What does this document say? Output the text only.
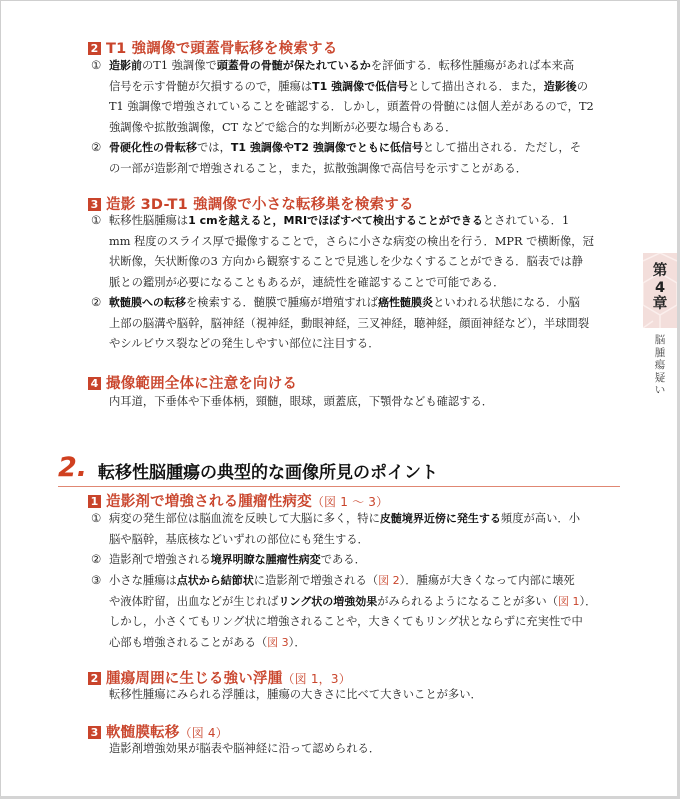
第
4
章
脳
腫
瘍
疑
い
2 T1 強調像で頭蓋骨転移を検索する
① 造影前のT1 強調像で頭蓋骨の骨髄が保たれているかを評価する．転移性腫瘍があれば本来高
信号を示す骨髄が欠損するので，腫瘍はT1 強調像で低信号として描出される．また，造影後の
T1 強調像で増強されていることを確認する．しかし，頭蓋骨の骨髄には個人差があるので，T2
強調像や拡散強調像，CT などで総合的な判断が必要な場合もある．
② 骨硬化性の骨転移では，T1 強調像やT2 強調像でともに低信号として描出される．ただし，そ
の一部が造影剤で増強されること，また，拡散強調像で高信号を示すことがある．
3 造影 3D-T1 強調像で小さな転移巣を検索する
① 転移性脳腫瘍は1 cmを越えると，MRIでほぼすべて検出することができるとされている．1
mm 程度のスライス厚で撮像することで，さらに小さな病変の検出を行う．MPR で横断像，冠
状断像，矢状断像の3 方向から観察することで見逃しを少なくすることができる．脳表では静
脈との鑑別が必要になることもあるが，連続性を確認することで可能である．
② 軟髄膜への転移を検索する．髄膜で腫瘍が増殖すれば癌性髄膜炎といわれる状態になる．小脳
上部の脳溝や脳幹，脳神経（視神経，動眼神経，三叉神経，聴神経，顔面神経など），半球間裂
やシルビウス裂などの発生しやすい部位に注目する．
4 撮像範囲全体に注意を向ける
内耳道，下垂体や下垂体柄，頸髄，眼球，頭蓋底，下顎骨なども確認する．
2. 転移性脳腫瘍の典型的な画像所見のポイント
1 造影剤で増強される腫瘤性病変（図 1 〜 3）
① 病変の発生部位は脳血流を反映して大脳に多く，特に皮髄境界近傍に発生する頻度が高い．小
脳や脳幹，基底核などいずれの部位にも発生する．
② 造影剤で増強される境界明瞭な腫瘤性病変である．
③ 小さな腫瘍は点状から結節状に造影剤で増強される（図 2）．腫瘍が大きくなって内部に壊死
や液体貯留，出血などが生じればリング状の増強効果がみられるようになることが多い（図 1）．
しかし，小さくてもリング状に増強されることや，大きくてもリング状とならずに充実性で中
心部も増強されることがある（図 3）．
2 腫瘍周囲に生じる強い浮腫（図 1，3）
転移性腫瘍にみられる浮腫は，腫瘍の大きさに比べて大きいことが多い．
3 軟髄膜転移（図 4）
造影剤増強効果が脳表や脳神経に沿って認められる．
